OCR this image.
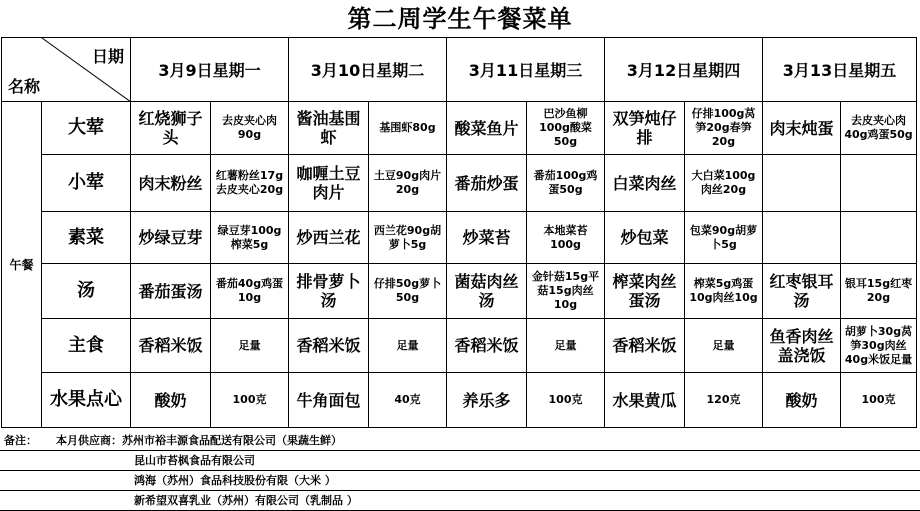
第二周学生午餐菜单
日期
名称		3月9日星期一		3月10日星期二		3月11日星期三		3月12日星期四		3月13日星期五	
午餐	大荤	红烧狮子头	去皮夹心肉90g	酱油基围虾	基围虾80g	酸菜鱼片	巴沙鱼柳100g酸菜50g	双笋炖仔排	仔排100g莴笋20g春笋20g	肉末炖蛋	去皮夹心肉40g鸡蛋50g
	小荤	肉末粉丝	红薯粉丝17g去皮夹心20g	咖喱土豆肉片	土豆90g肉片20g	番茄炒蛋	番茄100g鸡蛋50g	白菜肉丝	大白菜100g肉丝20g		
	素菜	炒绿豆芽	绿豆芽100g榨菜5g	炒西兰花	西兰花90g胡萝卜5g	炒菜苔	本地菜苔100g	炒包菜	包菜90g胡萝卜5g		
	汤	番茄蛋汤	番茄40g鸡蛋10g	排骨萝卜汤	仔排50g萝卜50g	菌菇肉丝汤	金针菇15g平菇15g肉丝10g	榨菜肉丝蛋汤	榨菜5g鸡蛋10g肉丝10g	红枣银耳汤	银耳15g红枣20g
	主食	香稻米饭	足量	香稻米饭	足量	香稻米饭	足量	香稻米饭	足量	鱼香肉丝盖浇饭	胡萝卜30g莴笋30g肉丝40g米饭足量
	水果点心	酸奶	100克	牛角面包	40克	养乐多	100克	水果黄瓜	120克	酸奶	100克
备注： 本月供应商：苏州市裕丰源食品配送有限公司（果蔬生鲜）
昆山市苔枫食品有限公司
鸿海（苏州）食品科技股份有限（大米 ）
新希望双喜乳业（苏州）有限公司（乳制品 ）
